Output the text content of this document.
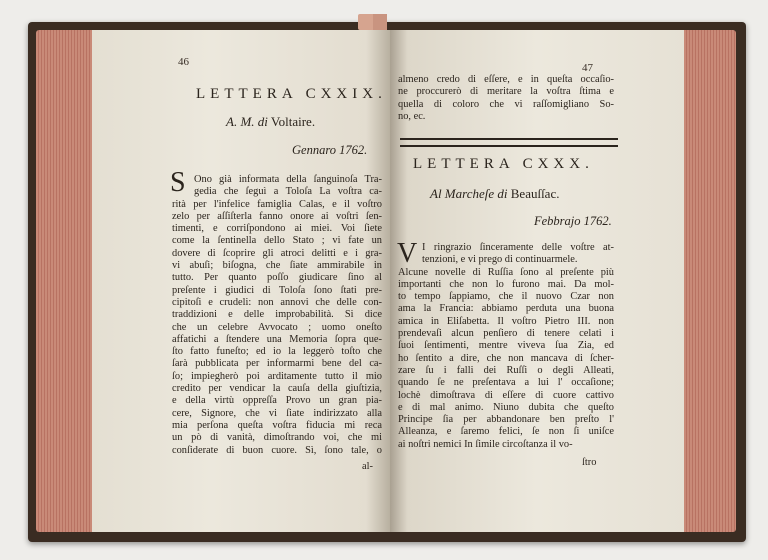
46
LETTERA CXXIX.
A. M. di Voltaire.
Gennaro 1762.
S Ono già informata della ſanguinoſa Tra-
gedia che ſeguì a Toloſa La voſtra ca-
rità per l'infelice famiglia Calas, e il voſtro
zelo per aſſiſterla fanno onore ai voſtri ſen-
timenti, e corriſpondono ai miei. Voi ſiete
come la ſentinella dello Stato ; vi fate un
dovere di ſcoprire gli atroci delitti e i gra-
vi abuſi; biſogna, che ſiate ammirabile in
tutto. Per quanto poſſo giudicare ſino al
preſente i giudici di Toloſa ſono ſtati pre-
cipitoſi e crudeli: non annovi che delle con-
traddizioni e delle improbabilità. Si dice
che un celebre Avvocato ; uomo oneſto
affatichi a ſtendere una Memoria ſopra que-
ſto fatto funeſto; ed io la leggerò toſto che
ſarà pubblicata per informarmi bene del ca-
ſo; impiegherò poi arditamente tutto il mio
credito per vendicar la cauſa della giuſtizia,
e della virtù oppreſſa Provo un gran pia-
cere, Signore, che vi ſiate indirizzato alla
mia perſona queſta voſtra fiducia mi reca
un pò di vanità, dimoſtrando voi, che mi
conſiderate di buon cuore. Sì, ſono tale, o
al-
47
almeno credo di eſſere, e in queſta occaſio-
ne proccurerò di meritare la voſtra ſtima e
quella di coloro che vi raſſomigliano So-
no, ec.
LETTERA CXXX.
Al Marcheſe di Beauſſac.
Febbrajo 1762.
V I ringrazio ſinceramente delle voſtre at-
tenzioni, e vi prego di continuarmele.
Alcune novelle di Ruſſia ſono al preſente più
importanti che non lo furono mai. Da mol-
to tempo ſappiamo, che il nuovo Czar non
ama la Francia: abbiamo perduta una buona
amica in Eliſabetta. Il voſtro Pietro III. non
prendevaſi alcun penſiero di tenere celati i
ſuoi ſentimenti, mentre viveva ſua Zia, ed
ho ſentito a dire, che non mancava di ſcher-
zare ſu i falli dei Ruſſi o degli Alleati,
quando ſe ne preſentava a lui l' occaſione;
lochè dimoſtrava di eſſere di cuore cattivo
e di mal animo. Niuno dubita che queſto
Principe ſia per abbandonare ben preſto l'
Alleanza, e ſaremo felici, ſe non ſi uniſce
ai noſtri nemici In ſimile circoſtanza il vo-
ſtro
